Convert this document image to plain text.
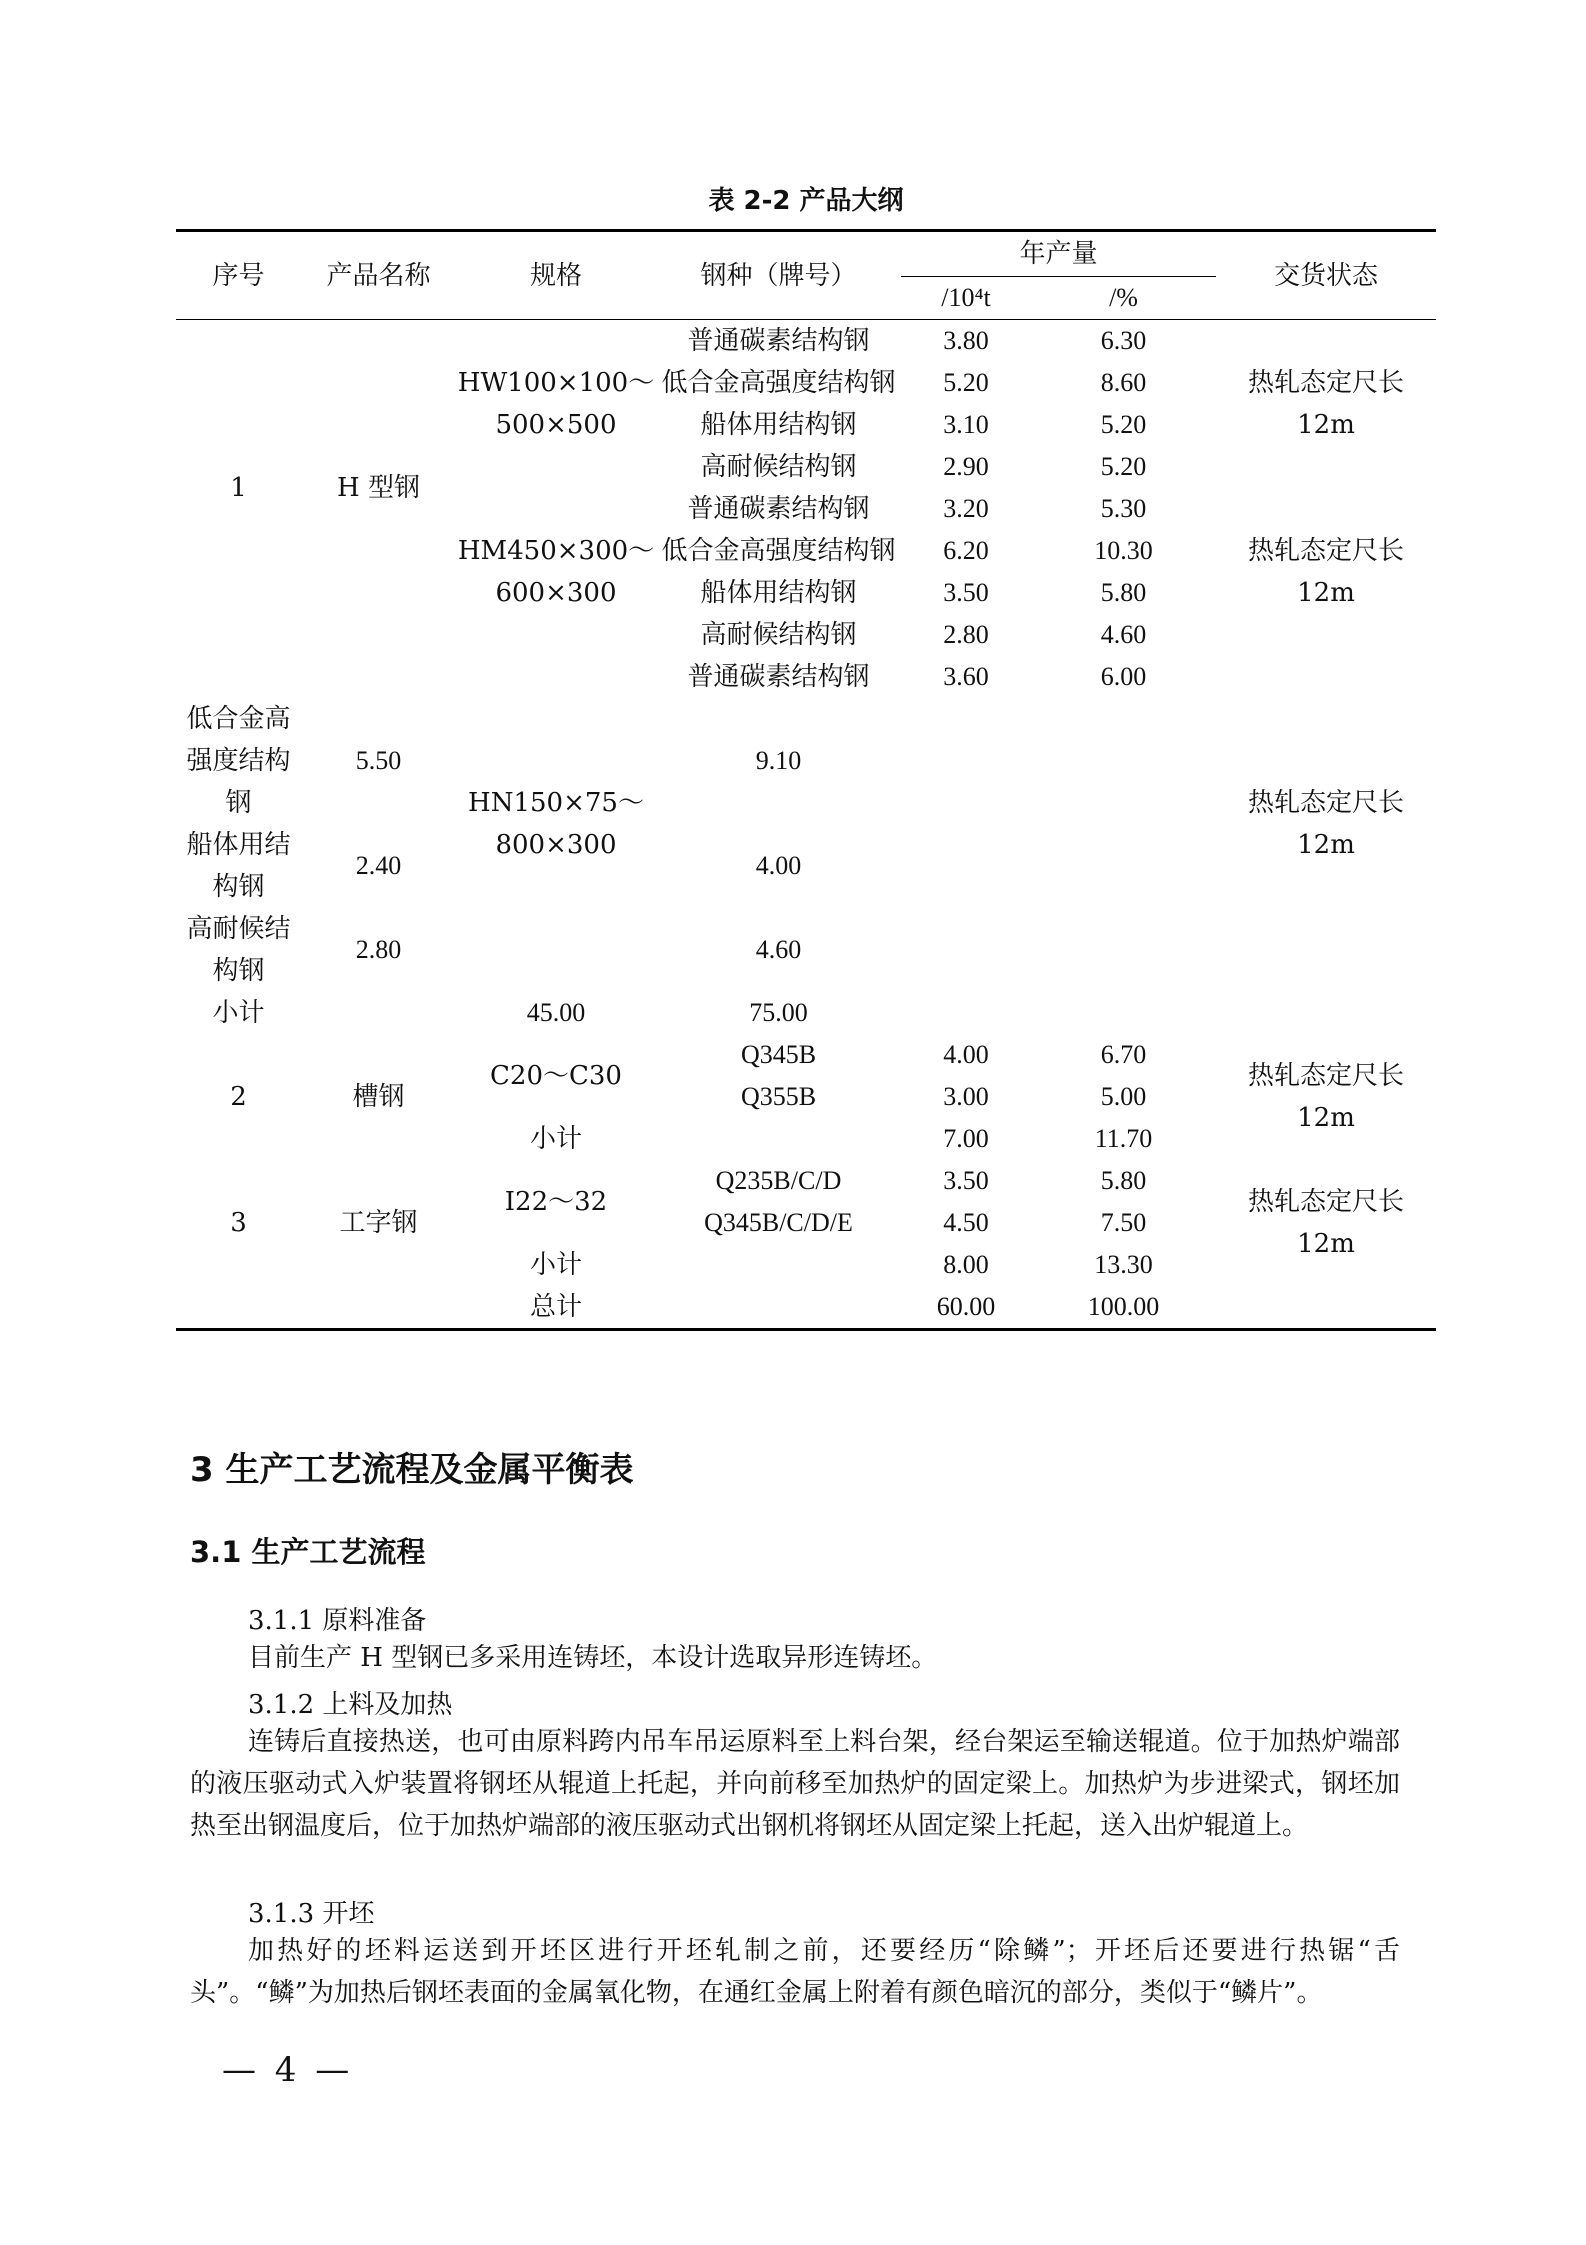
表 2-2 产品大纲
序号	产品名称	规格	钢种（牌号）	年产量		交货状态
				/10⁴t	/%	
1	H 型钢	HW100×100～500×500	普通碳素结构钢	3.80	6.30	热轧态定尺长 12m

			低合金高强度结构钢	5.20	8.60	

			船体用结构钢	3.10	5.20	
			高耐候结构钢	2.90	5.20	
		HM450×300～600×300	普通碳素结构钢	3.20	5.30	热轧态定尺长 12m

			低合金高强度结构钢	6.20	10.30	

			船体用结构钢	3.50	5.80	
			高耐候结构钢	2.80	4.60	
		HN150×75～800×300	普通碳素结构钢	3.60	6.00	热轧态定尺长 12m

低合金高强度结构钢	5.50		9.10			

船体用结构钢	2.40		4.00			
高耐候结构钢	2.80		4.60			
小计		45.00	75.00			
2	槽钢	C20～C30	Q345B	4.00	6.70	热轧态定尺长 12m
			Q355B	3.00	5.00	
		小计		7.00	11.70	
3	工字钢	I22～32	Q235B/C/D	3.50	5.80	热轧态定尺长 12m
			Q345B/C/D/E	4.50	7.50	
		小计		8.00	13.30	
		总计		60.00	100.00	
3 生产工艺流程及金属平衡表
3.1 生产工艺流程
3.1.1 原料准备
目前生产 H 型钢已多采用连铸坯，本设计选取异形连铸坯。
3.1.2 上料及加热
连铸后直接热送，也可由原料跨内吊车吊运原料至上料台架，经台架运至输送辊道。位于加热炉端部的液压驱动式入炉装置将钢坯从辊道上托起，并向前移至加热炉的固定梁上。加热炉为步进梁式，钢坯加热至出钢温度后，位于加热炉端部的液压驱动式出钢机将钢坯从固定梁上托起，送入出炉辊道上。
3.1.3 开坯
加热好的坯料运送到开坯区进行开坯轧制之前，还要经历“除鳞”；开坯后还要进行热锯“舌头”。“鳞”为加热后钢坯表面的金属氧化物，在通红金属上附着有颜色暗沉的部分，类似于“鳞片”。
— 4 —
